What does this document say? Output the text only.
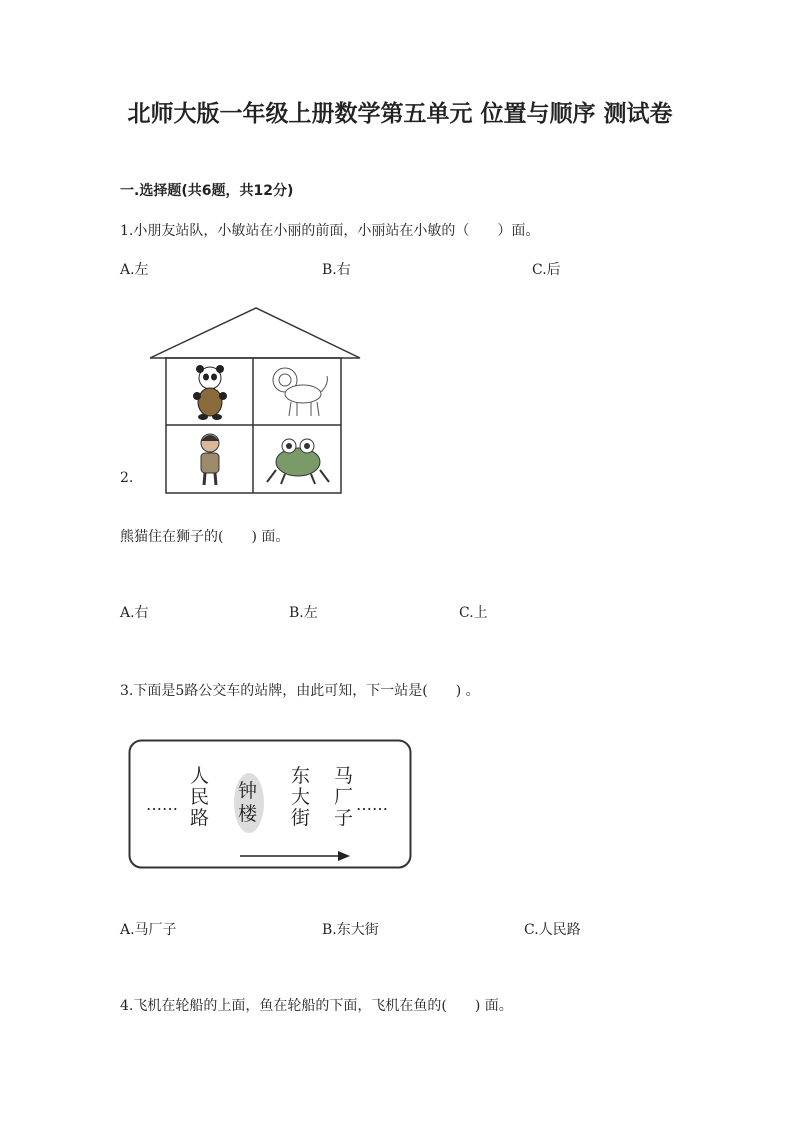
北师大版一年级上册数学第五单元 位置与顺序 测试卷
一.选择题(共6题，共12分)
1.小朋友站队，小敏站在小丽的前面，小丽站在小敏的（　　）面。
A.左	B.右	C.后
2.
熊猫住在狮子的(　　) 面。
A.右	B.左	C.上
3.下面是5路公交车的站牌，由此可知，下一站是(　　) 。
……
人民路
钟楼
东大街
马厂子
……
A.马厂子	B.东大街	C.人民路
4.飞机在轮船的上面，鱼在轮船的下面，飞机在鱼的(　　) 面。
